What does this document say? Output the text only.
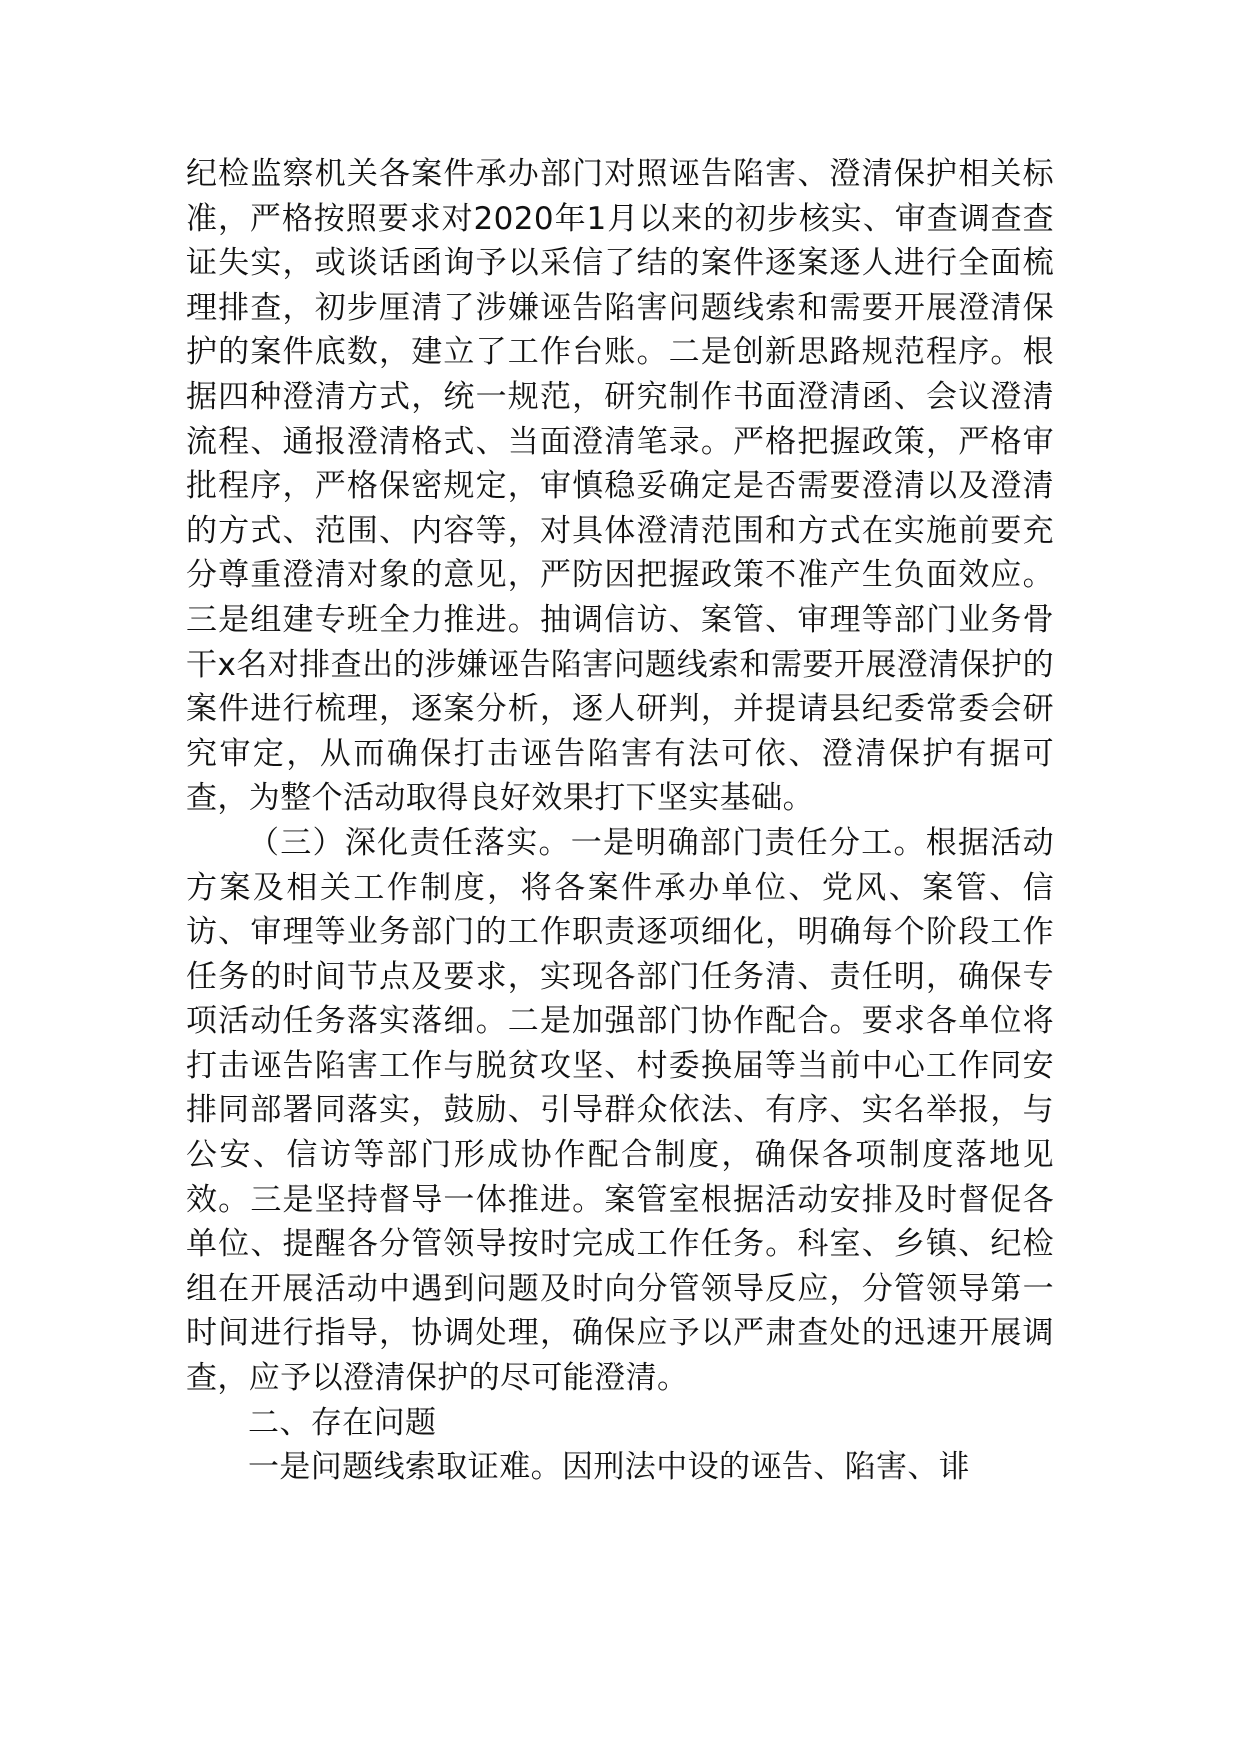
纪检监察机关各案件承办部门对照诬告陷害、澄清保护相关标准，严格按照要求对2020年1月以来的初步核实、审查调查查证失实，或谈话函询予以采信了结的案件逐案逐人进行全面梳理排查，初步厘清了涉嫌诬告陷害问题线索和需要开展澄清保护的案件底数，建立了工作台账。二是创新思路规范程序。根据四种澄清方式，统一规范，研究制作书面澄清函、会议澄清流程、通报澄清格式、当面澄清笔录。严格把握政策，严格审批程序，严格保密规定，审慎稳妥确定是否需要澄清以及澄清的方式、范围、内容等，对具体澄清范围和方式在实施前要充分尊重澄清对象的意见，严防因把握政策不准产生负面效应。三是组建专班全力推进。抽调信访、案管、审理等部门业务骨干x名对排查出的涉嫌诬告陷害问题线索和需要开展澄清保护的案件进行梳理，逐案分析，逐人研判，并提请县纪委常委会研究审定，从而确保打击诬告陷害有法可依、澄清保护有据可查，为整个活动取得良好效果打下坚实基础。

（三）深化责任落实。一是明确部门责任分工。根据活动方案及相关工作制度，将各案件承办单位、党风、案管、信访、审理等业务部门的工作职责逐项细化，明确每个阶段工作任务的时间节点及要求，实现各部门任务清、责任明，确保专项活动任务落实落细。二是加强部门协作配合。要求各单位将打击诬告陷害工作与脱贫攻坚、村委换届等当前中心工作同安排同部署同落实，鼓励、引导群众依法、有序、实名举报，与公安、信访等部门形成协作配合制度，确保各项制度落地见效。三是坚持督导一体推进。案管室根据活动安排及时督促各单位、提醒各分管领导按时完成工作任务。科室、乡镇、纪检组在开展活动中遇到问题及时向分管领导反应，分管领导第一时间进行指导，协调处理，确保应予以严肃查处的迅速开展调查，应予以澄清保护的尽可能澄清。

二、存在问题

一是问题线索取证难。因刑法中设的诬告、陷害、诽
